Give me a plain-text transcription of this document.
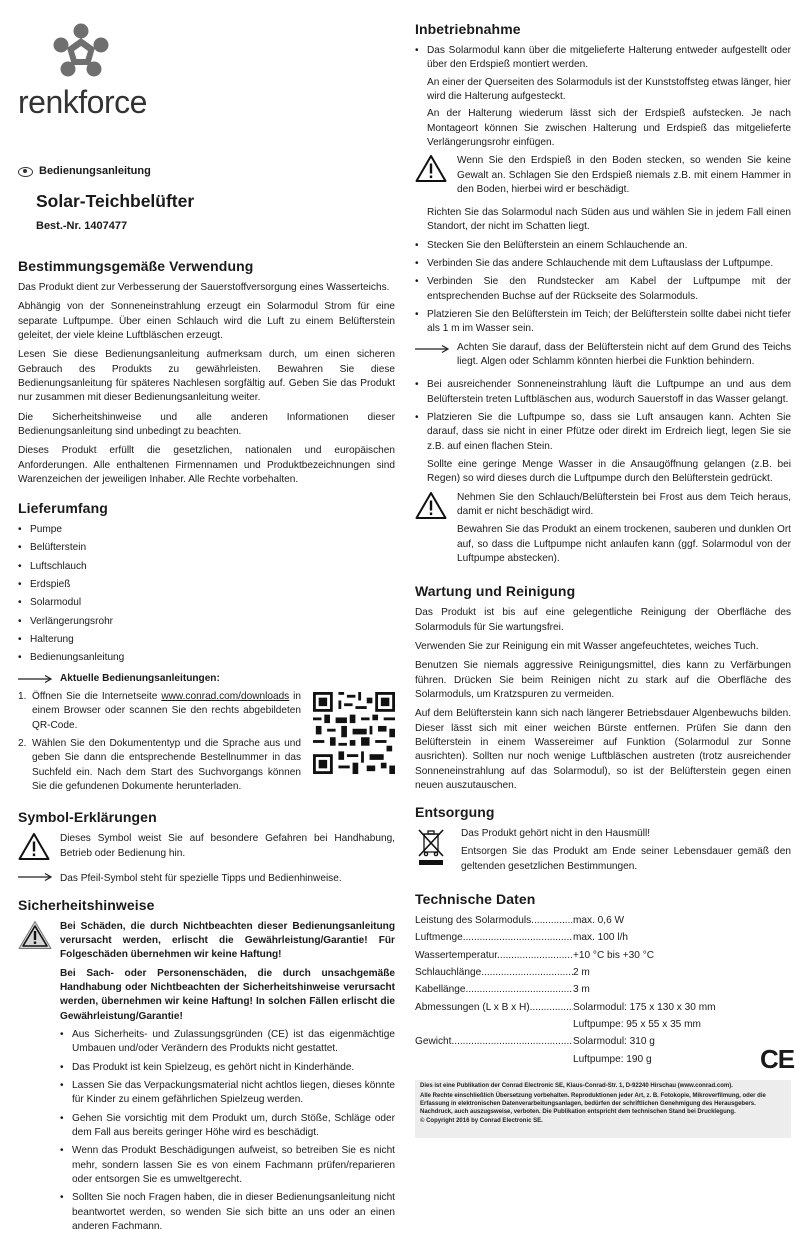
renkforce
Bedienungsanleitung
Solar-Teichbelüfter
Best.-Nr. 1407477
Bestimmungsgemäße Verwendung

Das Produkt dient zur Verbesserung der Sauerstoffversorgung eines Wasserteichs.

Abhängig von der Sonneneinstrahlung erzeugt ein Solarmodul Strom für eine separate Luftpumpe. Über einen Schlauch wird die Luft zu einem Belüfterstein geleitet, der viele kleine Luftbläschen erzeugt.

Lesen Sie diese Bedienungsanleitung aufmerksam durch, um einen sicheren Gebrauch des Produkts zu gewährleisten. Bewahren Sie diese Bedienungsanleitung für späteres Nachlesen sorgfältig auf. Geben Sie das Produkt nur zusammen mit dieser Bedienungsanleitung weiter.

Die Sicherheitshinweise und alle anderen Informationen dieser Bedienungsanleitung sind unbedingt zu beachten.

Dieses Produkt erfüllt die gesetzlichen, nationalen und europäischen Anforderungen. Alle enthaltenen Firmennamen und Produktbezeichnungen sind Warenzeichen der jeweiligen Inhaber. Alle Rechte vorbehalten.

Lieferumfang
• Pumpe
• Belüfterstein
• Luftschlauch
• Erdspieß
• Solarmodul
• Verlängerungsrohr
• Halterung
• Bedienungsanleitung
Aktuelle Bedienungsanleitungen:
1. Öffnen Sie die Internetseite www.conrad.com/downloads in einem Browser oder scannen Sie den rechts abgebildeten QR-Code.
2. Wählen Sie den Dokumententyp und die Sprache aus und geben Sie dann die entsprechende Bestellnummer in das Suchfeld ein. Nach dem Start des Suchvorgangs können Sie die gefundenen Dokumente herunterladen.
Symbol-Erklärungen

Dieses Symbol weist Sie auf besondere Gefahren bei Handhabung, Betrieb oder Bedienung hin.

Das Pfeil-Symbol steht für spezielle Tipps und Bedienhinweise.

Sicherheitshinweise

Bei Schäden, die durch Nichtbeachten dieser Bedienungsanleitung verursacht werden, erlischt die Gewährleistung/Garantie! Für Folgeschäden übernehmen wir keine Haftung!

Bei Sach- oder Personenschäden, die durch unsachgemäße Handhabung oder Nichtbeachten der Sicherheitshinweise verursacht werden, übernehmen wir keine Haftung! In solchen Fällen erlischt die Gewährleistung/Garantie!

• Aus Sicherheits- und Zulassungsgründen (CE) ist das eigenmächtige Umbauen und/oder Verändern des Produkts nicht gestattet.
• Das Produkt ist kein Spielzeug, es gehört nicht in Kinderhände.
• Lassen Sie das Verpackungsmaterial nicht achtlos liegen, dieses könnte für Kinder zu einem gefährlichen Spielzeug werden.
• Gehen Sie vorsichtig mit dem Produkt um, durch Stöße, Schläge oder dem Fall aus bereits geringer Höhe wird es beschädigt.
• Wenn das Produkt Beschädigungen aufweist, so betreiben Sie es nicht mehr, sondern lassen Sie es von einem Fachmann prüfen/reparieren oder entsorgen Sie es umweltgerecht.
• Sollten Sie noch Fragen haben, die in dieser Bedienungsanleitung nicht beantwortet werden, so wenden Sie sich bitte an uns oder an einen anderen Fachmann.
Inbetriebnahme
• Das Solarmodul kann über die mitgelieferte Halterung entweder aufgestellt oder über den Erdspieß montiert werden.

An einer der Querseiten des Solarmoduls ist der Kunststoffsteg etwas länger, hier wird die Halterung aufgesteckt.

An der Halterung wiederum lässt sich der Erdspieß aufstecken. Je nach Montageort können Sie zwischen Halterung und Erdspieß das mitgelieferte Verlängerungsrohr einfügen.

Wenn Sie den Erdspieß in den Boden stecken, so wenden Sie keine Gewalt an. Schlagen Sie den Erdspieß niemals z.B. mit einem Hammer in den Boden, hierbei wird er beschädigt.

Richten Sie das Solarmodul nach Süden aus und wählen Sie in jedem Fall einen Standort, der nicht im Schatten liegt.

• Stecken Sie den Belüfterstein an einem Schlauchende an.
• Verbinden Sie das andere Schlauchende mit dem Luftauslass der Luftpumpe.
• Verbinden Sie den Rundstecker am Kabel der Luftpumpe mit der entsprechenden Buchse auf der Rückseite des Solarmoduls.
• Platzieren Sie den Belüfterstein im Teich; der Belüfterstein sollte dabei nicht tiefer als 1 m im Wasser sein.

Achten Sie darauf, dass der Belüfterstein nicht auf dem Grund des Teichs liegt. Algen oder Schlamm könnten hierbei die Funktion behindern.

• Bei ausreichender Sonneneinstrahlung läuft die Luftpumpe an und aus dem Belüfterstein treten Luftbläschen aus, wodurch Sauerstoff in das Wasser gelangt.
• Platzieren Sie die Luftpumpe so, dass sie Luft ansaugen kann. Achten Sie darauf, dass sie nicht in einer Pfütze oder direkt im Erdreich liegt, legen Sie sie z.B. auf einen flachen Stein.

Sollte eine geringe Menge Wasser in die Ansaugöffnung gelangen (z.B. bei Regen) so wird dieses durch die Luftpumpe durch den Belüfterstein gedrückt.

Nehmen Sie den Schlauch/Belüfterstein bei Frost aus dem Teich heraus, damit er nicht beschädigt wird.

Bewahren Sie das Produkt an einem trockenen, sauberen und dunklen Ort auf, so dass die Luftpumpe nicht anlaufen kann (ggf. Solarmodul von der Luftpumpe abstecken).

Wartung und Reinigung

Das Produkt ist bis auf eine gelegentliche Reinigung der Oberfläche des Solarmoduls für Sie wartungsfrei.

Verwenden Sie zur Reinigung ein mit Wasser angefeuchtetes, weiches Tuch.

Benutzen Sie niemals aggressive Reinigungsmittel, dies kann zu Verfärbungen führen. Drücken Sie beim Reinigen nicht zu stark auf die Oberfläche des Solarmoduls, um Kratzspuren zu vermeiden.

Auf dem Belüfterstein kann sich nach längerer Betriebsdauer Algenbewuchs bilden. Dieser lässt sich mit einer weichen Bürste entfernen. Prüfen Sie dann den Belüfterstein in einem Wassereimer auf Funktion (Solarmodul zur Sonne ausrichten). Sollten nur noch wenige Luftbläschen austreten (trotz ausreichender Sonneneinstrahlung auf das Solarmodul), so ist der Belüfterstein gegen einen neuen auszutauschen.

Entsorgung

Das Produkt gehört nicht in den Hausmüll!

Entsorgen Sie das Produkt am Ende seiner Lebensdauer gemäß den geltenden gesetzlichen Bestimmungen.

Technische Daten
Leistung des Solarmoduls .....	max. 0,6 W
Luftmenge .....	max. 100 l/h
Wassertemperatur .....	+10 °C bis +30 °C
Schlauchlänge .....	2 m
Kabellänge .....	3 m
Abmessungen (L x B x H) .....	Solarmodul: 175 x 130 x 30 mm
Luftpumpe: 95 x 55 x 35 mm
Gewicht .....	Solarmodul: 310 g
Luftpumpe: 190 g	CE
Dies ist eine Publikation der Conrad Electronic SE, Klaus-Conrad-Str. 1, D-92240 Hirschau (www.conrad.com).
Alle Rechte einschließlich Übersetzung vorbehalten. Reproduktionen jeder Art, z. B. Fotokopie, Mikroverfilmung, oder die Erfassung in elektronischen Datenverarbeitungsanlagen, bedürfen der schriftlichen Genehmigung des Herausgebers. Nachdruck, auch auszugsweise, verboten. Die Publikation entspricht dem technischen Stand bei Drucklegung.
© Copyright 2016 by Conrad Electronic SE.
